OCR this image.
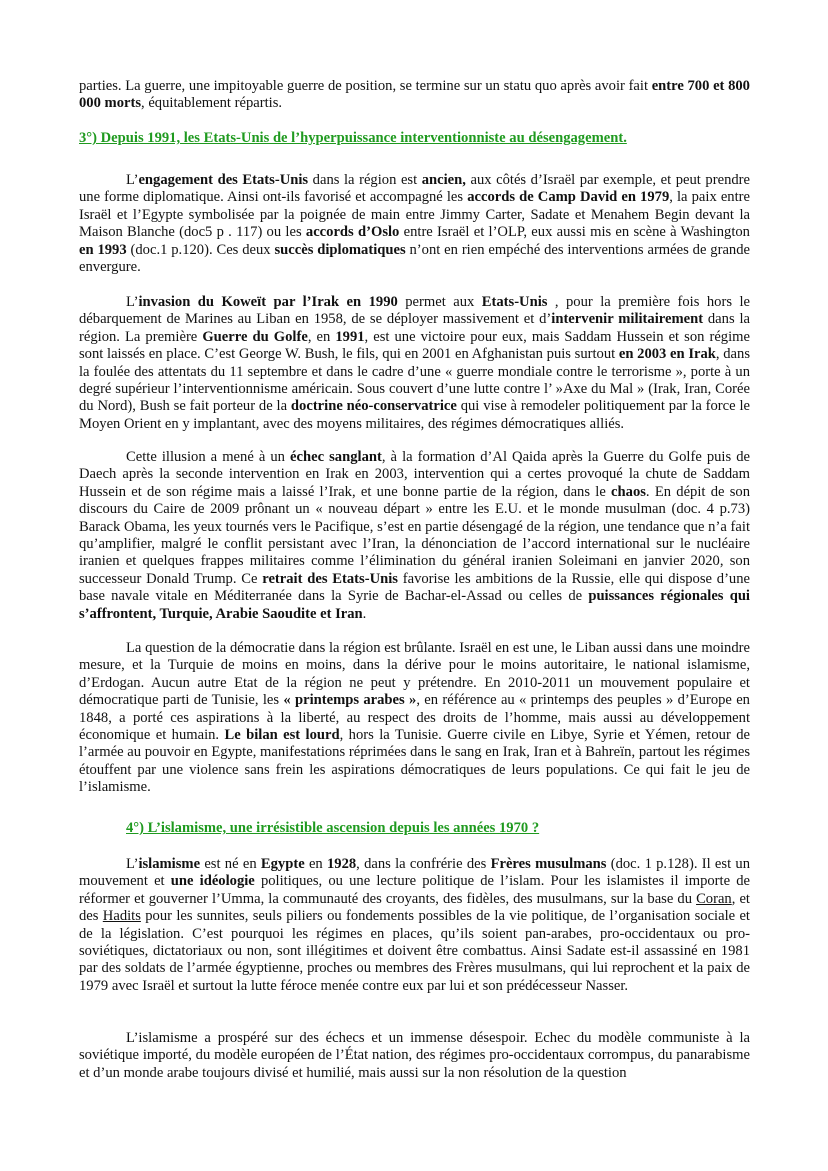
parties. La guerre, une impitoyable guerre de position, se termine sur un statu quo après avoir fait entre 700 et 800 000 morts, équitablement répartis.

3°) Depuis 1991, les Etats-Unis de l’hyperpuissance interventionniste au désengagement.

L’engagement des Etats-Unis dans la région est ancien, aux côtés d’Israël par exemple, et peut prendre une forme diplomatique. Ainsi ont-ils favorisé et accompagné les accords de Camp David en 1979, la paix entre Israël et l’Egypte symbolisée par la poignée de main entre Jimmy Carter, Sadate et Menahem Begin devant la Maison Blanche (doc5 p . 117) ou les accords d’Oslo entre Israël et l’OLP, eux aussi mis en scène à Washington en 1993 (doc.1 p.120). Ces deux succès diplomatiques n’ont en rien empéché des interventions armées de grande envergure.

L’invasion du Koweït par l’Irak en 1990 permet aux Etats-Unis , pour la première fois hors le débarquement de Marines au Liban en 1958, de se déployer massivement et d’intervenir militairement dans la région. La première Guerre du Golfe, en 1991, est une victoire pour eux, mais Saddam Hussein et son régime sont laissés en place. C’est George W. Bush, le fils, qui en 2001 en Afghanistan puis surtout en 2003 en Irak, dans la foulée des attentats du 11 septembre et dans le cadre d’une « guerre mondiale contre le terrorisme », porte à un degré supérieur l’interventionnisme américain. Sous couvert d’une lutte contre l’ »Axe du Mal » (Irak, Iran, Corée du Nord), Bush se fait porteur de la doctrine néo-conservatrice qui vise à remodeler politiquement par la force le Moyen Orient en y implantant, avec des moyens militaires, des régimes démocratiques alliés.

Cette illusion a mené à un échec sanglant, à la formation d’Al Qaida après la Guerre du Golfe puis de Daech après la seconde intervention en Irak en 2003, intervention qui a certes provoqué la chute de Saddam Hussein et de son régime mais a laissé l’Irak, et une bonne partie de la région, dans le chaos. En dépit de son discours du Caire de 2009 prônant un « nouveau départ » entre les E.U. et le monde musulman (doc. 4 p.73) Barack Obama, les yeux tournés vers le Pacifique, s’est en partie désengagé de la région, une tendance que n’a fait qu’amplifier, malgré le conflit persistant avec l’Iran, la dénonciation de l’accord international sur le nucléaire iranien et quelques frappes militaires comme l’élimination du général iranien Soleimani en janvier 2020, son successeur Donald Trump. Ce retrait des Etats-Unis favorise les ambitions de la Russie, elle qui dispose d’une base navale vitale en Méditerranée dans la Syrie de Bachar-el-Assad ou celles de puissances régionales qui s’affrontent, Turquie, Arabie Saoudite et Iran.

La question de la démocratie dans la région est brûlante. Israël en est une, le Liban aussi dans une moindre mesure, et la Turquie de moins en moins, dans la dérive pour le moins autoritaire, le national islamisme, d’Erdogan. Aucun autre Etat de la région ne peut y prétendre. En 2010-2011 un mouvement populaire et démocratique parti de Tunisie, les « printemps arabes », en référence au « printemps des peuples » d’Europe en 1848, a porté ces aspirations à la liberté, au respect des droits de l’homme, mais aussi au développement économique et humain. Le bilan est lourd, hors la Tunisie. Guerre civile en Libye, Syrie et Yémen, retour de l’armée au pouvoir en Egypte, manifestations réprimées dans le sang en Irak, Iran et à Bahreïn, partout les régimes étouffent par une violence sans frein les aspirations démocratiques de leurs populations. Ce qui fait le jeu de l’islamisme.

4°) L’islamisme, une irrésistible ascension depuis les années 1970 ?

L’islamisme est né en Egypte en 1928, dans la confrérie des Frères musulmans (doc. 1 p.128). Il est un mouvement et une idéologie politiques, ou une lecture politique de l’islam. Pour les islamistes il importe de réformer et gouverner l’Umma, la communauté des croyants, des fidèles, des musulmans, sur la base du Coran, et des Hadits pour les sunnites, seuls piliers ou fondements possibles de la vie politique, de l’organisation sociale et de la législation. C’est pourquoi les régimes en places, qu’ils soient pan-arabes, pro-occidentaux ou pro-soviétiques, dictatoriaux ou non, sont illégitimes et doivent être combattus. Ainsi Sadate est-il assassiné en 1981 par des soldats de l’armée égyptienne, proches ou membres des Frères musulmans, qui lui reprochent et la paix de 1979 avec Israël et surtout la lutte féroce menée contre eux par lui et son prédécesseur Nasser.

L’islamisme a prospéré sur des échecs et un immense désespoir. Echec du modèle communiste à la soviétique importé, du modèle européen de l’État nation, des régimes pro-occidentaux corrompus, du panarabisme et d’un monde arabe toujours divisé et humilié, mais aussi sur la non résolution de la question
